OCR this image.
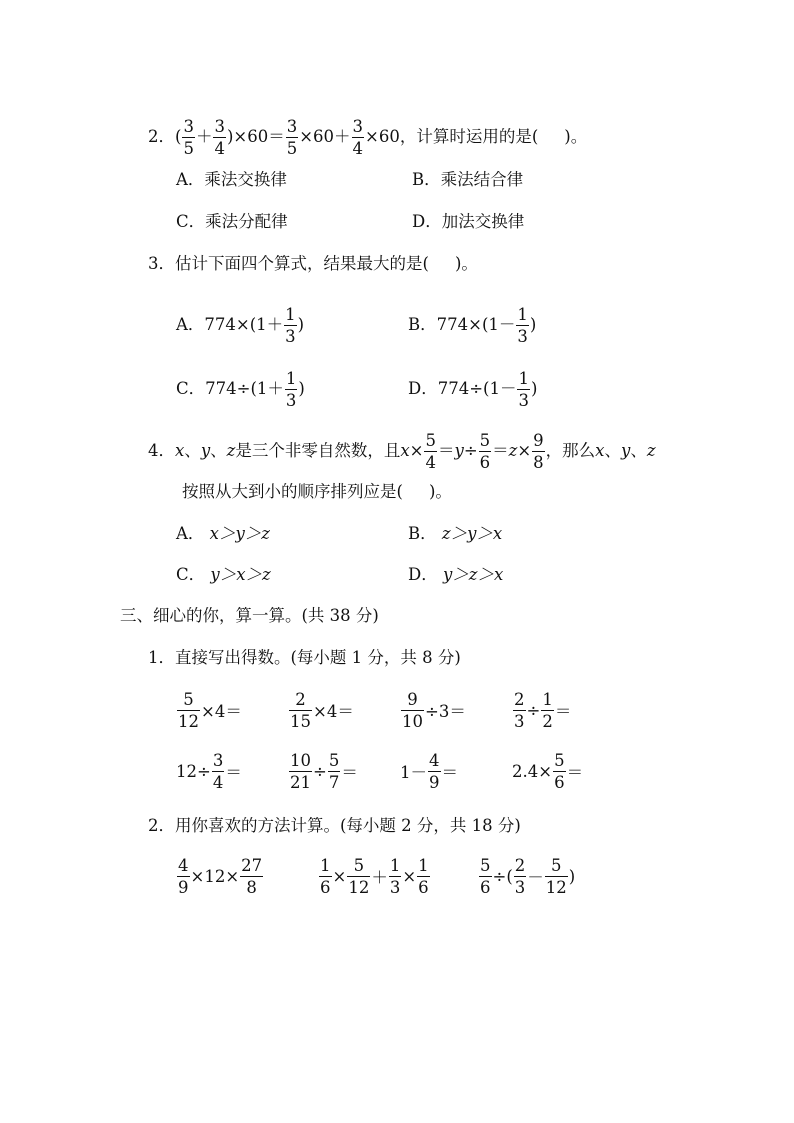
2．( $\frac{3}{5} + \frac{3}{4} )\times 60= \frac{3}{5} \times 60+ \frac{3}{4} \times 60$，计算时运用的是( )。
A．乘法交换律	B．乘法结合律
C．乘法分配律	D．加法交换律
3．估计下面四个算式，结果最大的是( )。
A．$774\times(1+ \frac{1}{3}$ )	B．$774\times(1- \frac{1}{3}$ )
C．$774\div(1+ \frac{1}{3}$ )	D．$774\div(1- \frac{1}{3}$ )
4．x、y、z是三个非零自然数，且$x\times \frac{5}{4} =y\div \frac{5}{6} =z\times \frac{9}{8}$ ，那么x、y、z
按照从大到小的顺序排列应是( )。
A． x＞y＞z	B． z＞y＞x
C． y＞x＞z	D． y＞z＞x
三、细心的你，算一算。(共 38 分)
1．直接写出得数。(每小题 1 分，共 8 分)
$\frac{5}{12} \times 4=$	$\frac{2}{15} \times 4=$	$\frac{9}{10} \div 3=$	$\frac{2}{3} \div \frac{1}{2}$ ＝
$12\div \frac{3}{4}$ ＝	$\frac{10}{21} \div \frac{5}{7}$ ＝	$1- \frac{4}{9}$ ＝	$2.4\times \frac{5}{6}$ ＝
2．用你喜欢的方法计算。(每小题 2 分，共 18 分)
$\frac{4}{9} \times 12\times \frac{27}{8}$	$\frac{1}{6} \times \frac{5}{12} + \frac{1}{3} \times \frac{1}{6}$	$\frac{5}{6}$ ÷( $\frac{2}{3} - \frac{5}{12}$ )
